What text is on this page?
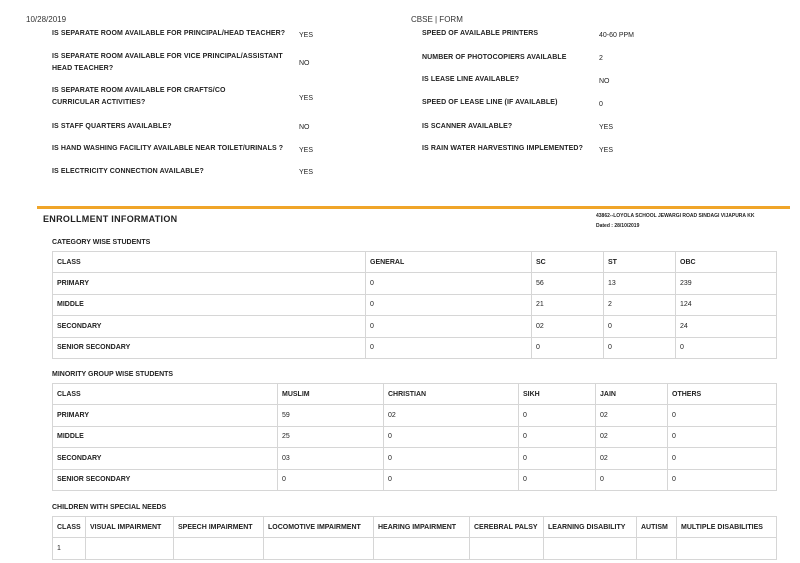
10/28/2019	CBSE | FORM
IS SEPARATE ROOM AVAILABLE FOR PRINCIPAL/HEAD TEACHER?	YES
IS SEPARATE ROOM AVAILABLE FOR VICE PRINCIPAL/ASSISTANT HEAD TEACHER?
NO
IS SEPARATE ROOM AVAILABLE FOR CRAFTS/CO CURRICULAR ACTIVITIES?
YES
IS STAFF QUARTERS AVAILABLE?	NO
IS HAND WASHING FACILITY AVAILABLE NEAR TOILET/URINALS ?	YES
IS ELECTRICITY CONNECTION AVAILABLE?	YES
SPEED OF AVAILABLE PRINTERS	40-60 PPM
NUMBER OF PHOTOCOPIERS AVAILABLE	2
IS LEASE LINE AVAILABLE?	NO
SPEED OF LEASE LINE (IF AVAILABLE)	0
IS SCANNER AVAILABLE?	YES
IS RAIN WATER HARVESTING IMPLEMENTED?	YES
ENROLLMENT INFORMATION	43862--LOYOLA SCHOOL JEWARGI ROAD SINDAGI VIJAPURA KK
Dated : 28/10/2019
CATEGORY WISE STUDENTS
CLASS	GENERAL	SC	ST	OBC
PRIMARY	0	56	13	239
MIDDLE	0	21	2	124
SECONDARY	0	02	0	24
SENIOR SECONDARY	0	0	0	0
MINORITY GROUP WISE STUDENTS
CLASS	MUSLIM	CHRISTIAN	SIKH	JAIN	OTHERS
PRIMARY	59	02	0	02	0
MIDDLE	25	0	0	02	0
SECONDARY	03	0	0	02	0
SENIOR SECONDARY	0	0	0	0	0
CHILDREN WITH SPECIAL NEEDS
CLASS	VISUAL IMPAIRMENT	SPEECH IMPAIRMENT	LOCOMOTIVE IMPAIRMENT	HEARING IMPAIRMENT	CEREBRAL PALSY	LEARNING DISABILITY	AUTISM	MULTIPLE DISABILITIES
1								
